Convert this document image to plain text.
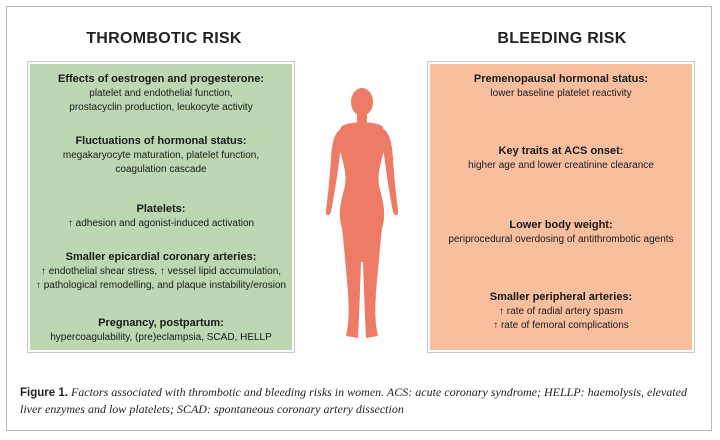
THROMBOTIC RISK	BLEEDING RISK
Effects of oestrogen and progesterone:
platelet and endothelial function,
prostacyclin production, leukocyte activity
Fluctuations of hormonal status:
megakaryocyte maturation, platelet function,
coagulation cascade
Platelets:
↑ adhesion and agonist-induced activation
Smaller epicardial coronary arteries:
↑ endothelial shear stress, ↑ vessel lipid accumulation,
↑ pathological remodelling, and plaque instability/erosion
Pregnancy, postpartum:
hypercoagulability, (pre)eclampsia, SCAD, HELLP
Premenopausal hormonal status:
lower baseline platelet reactivity
Key traits at ACS onset:
higher age and lower creatinine clearance
Lower body weight:
periprocedural overdosing of antithrombotic agents
Smaller peripheral arteries:
↑ rate of radial artery spasm
↑ rate of femoral complications
Figure 1. Factors associated with thrombotic and bleeding risks in women. ACS: acute coronary syndrome; HELLP: haemolysis, elevated liver enzymes and low platelets; SCAD: spontaneous coronary artery dissection
